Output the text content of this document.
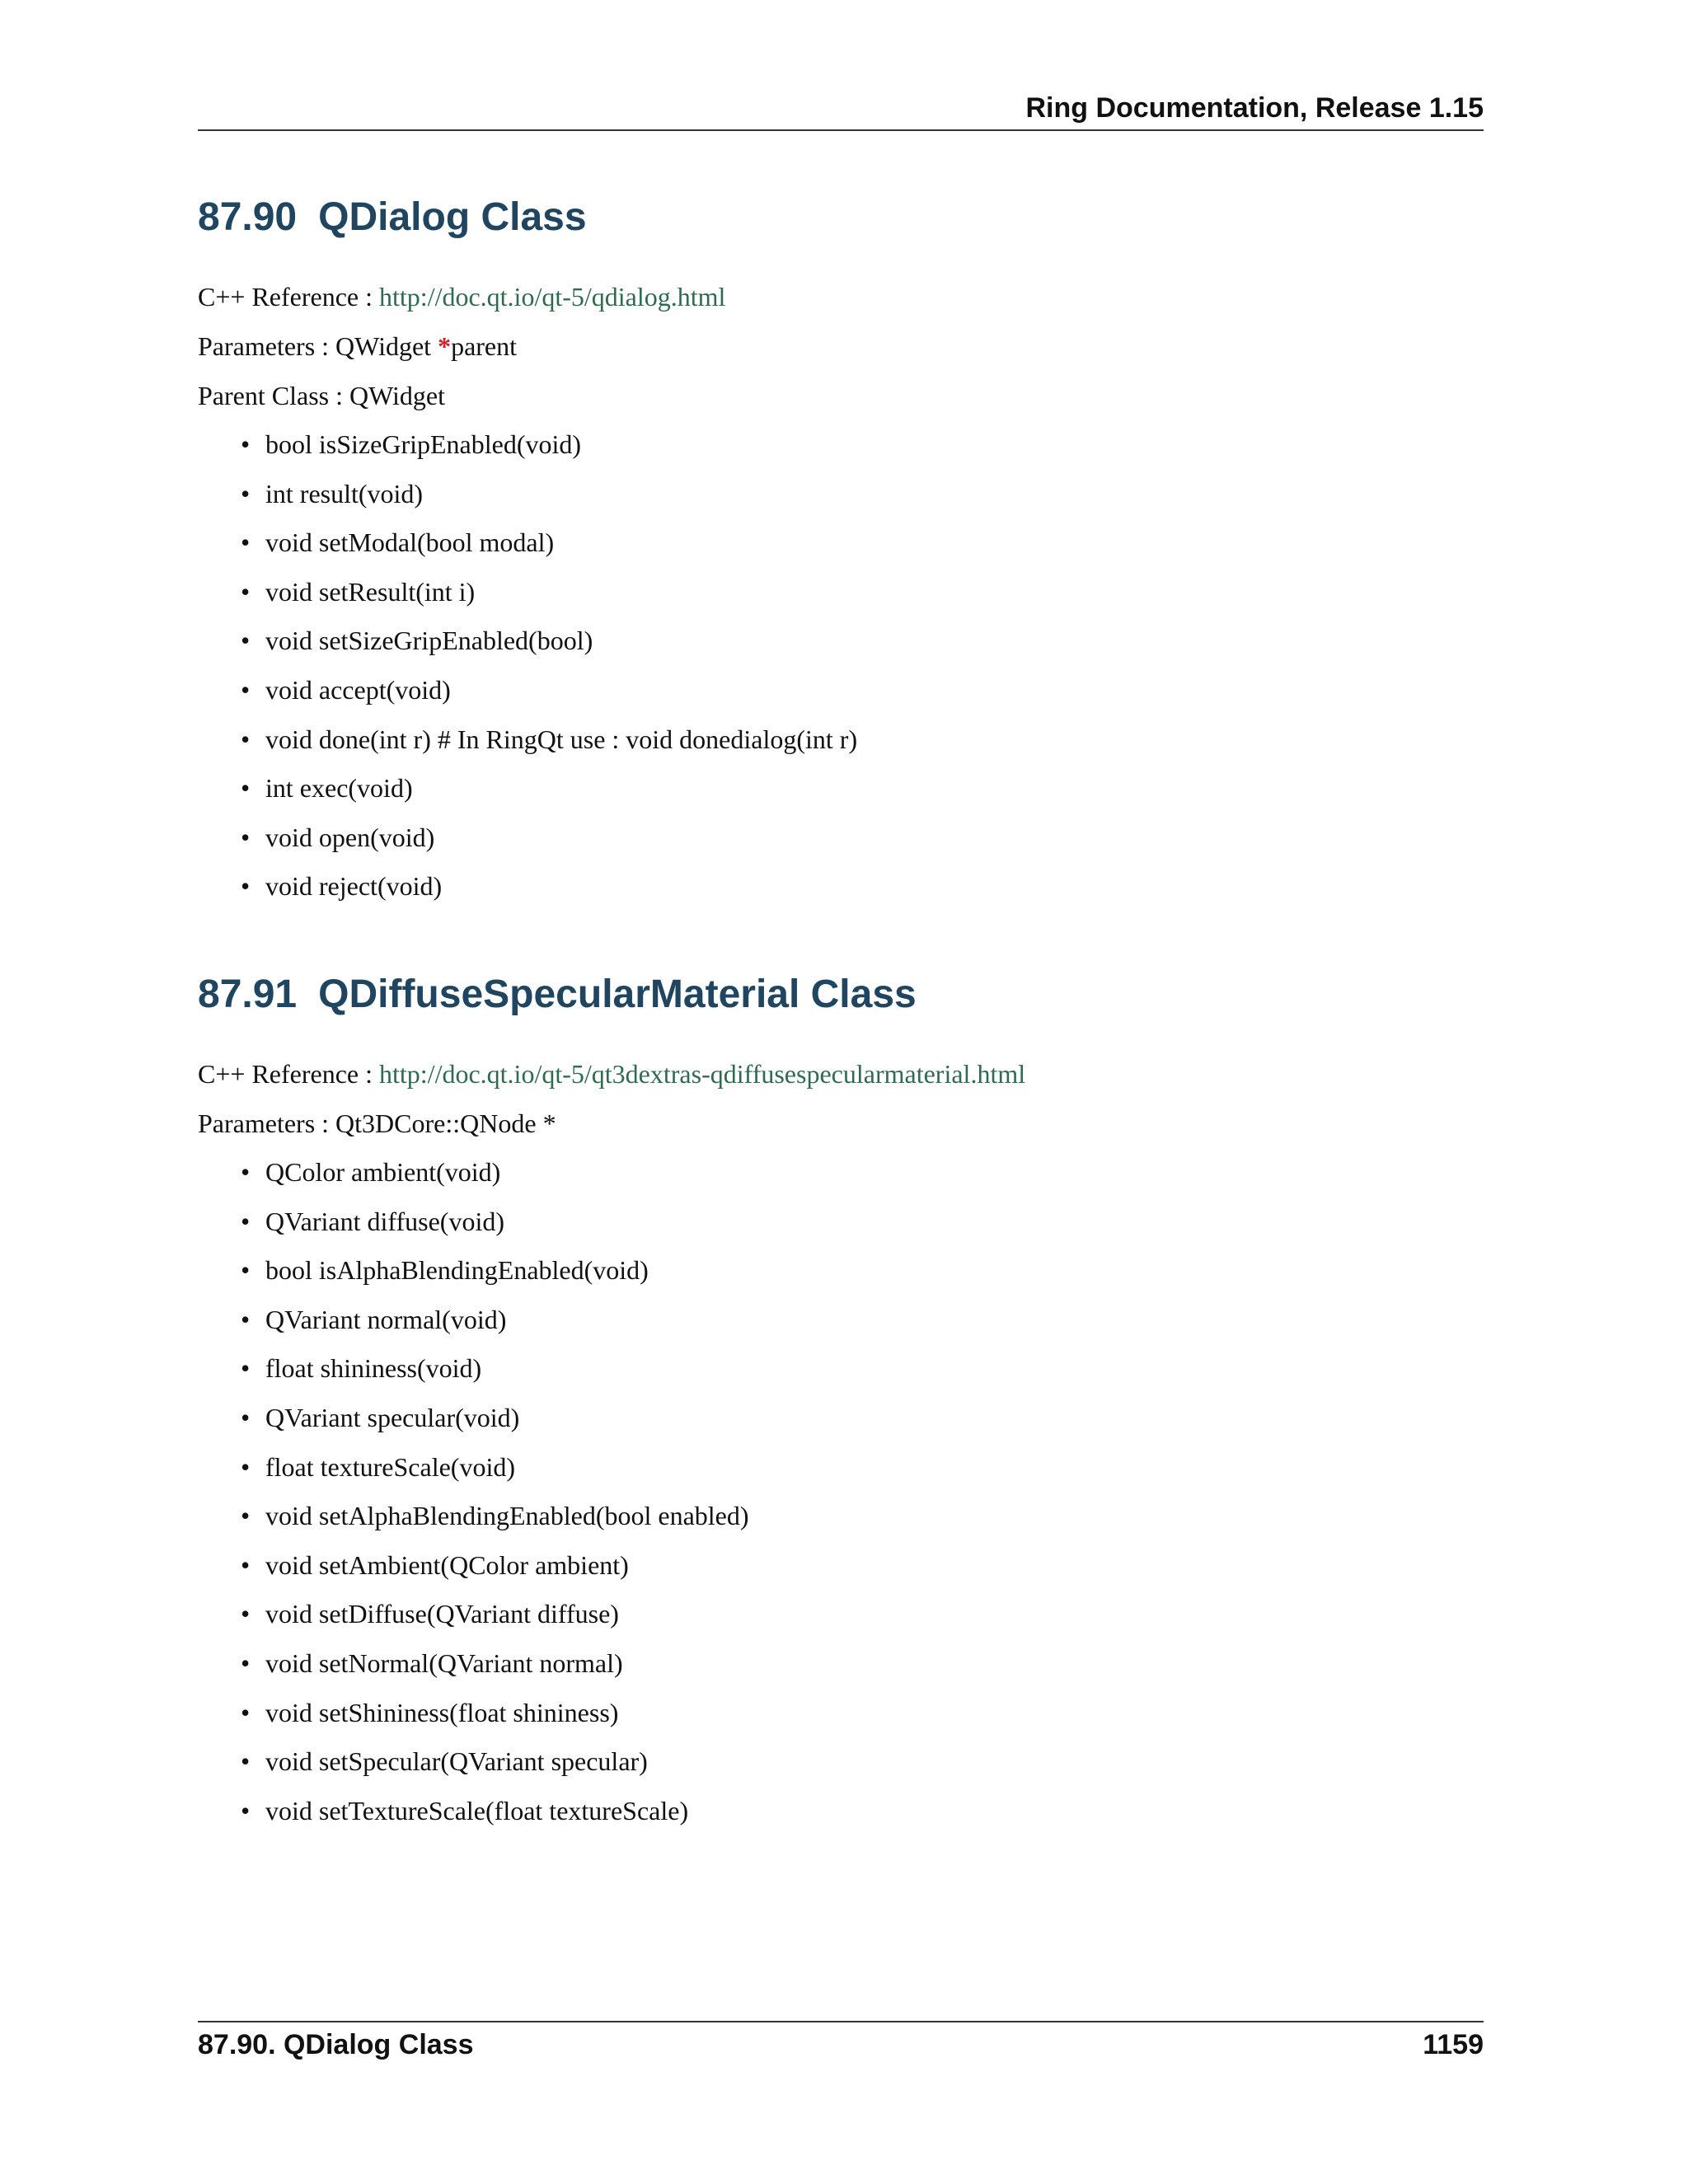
Ring Documentation, Release 1.15
87.90 QDialog Class

C++ Reference : http://doc.qt.io/qt-5/qdialog.html

Parameters : QWidget *parent

Parent Class : QWidget

• bool isSizeGripEnabled(void)
• int result(void)
• void setModal(bool modal)
• void setResult(int i)
• void setSizeGripEnabled(bool)
• void accept(void)
• void done(int r) # In RingQt use : void donedialog(int r)
• int exec(void)
• void open(void)
• void reject(void)
87.91 QDiffuseSpecularMaterial Class

C++ Reference : http://doc.qt.io/qt-5/qt3dextras-qdiffusespecularmaterial.html

Parameters : Qt3DCore::QNode *

• QColor ambient(void)
• QVariant diffuse(void)
• bool isAlphaBlendingEnabled(void)
• QVariant normal(void)
• float shininess(void)
• QVariant specular(void)
• float textureScale(void)
• void setAlphaBlendingEnabled(bool enabled)
• void setAmbient(QColor ambient)
• void setDiffuse(QVariant diffuse)
• void setNormal(QVariant normal)
• void setShininess(float shininess)
• void setSpecular(QVariant specular)
• void setTextureScale(float textureScale)
87.90. QDialog Class	1159
